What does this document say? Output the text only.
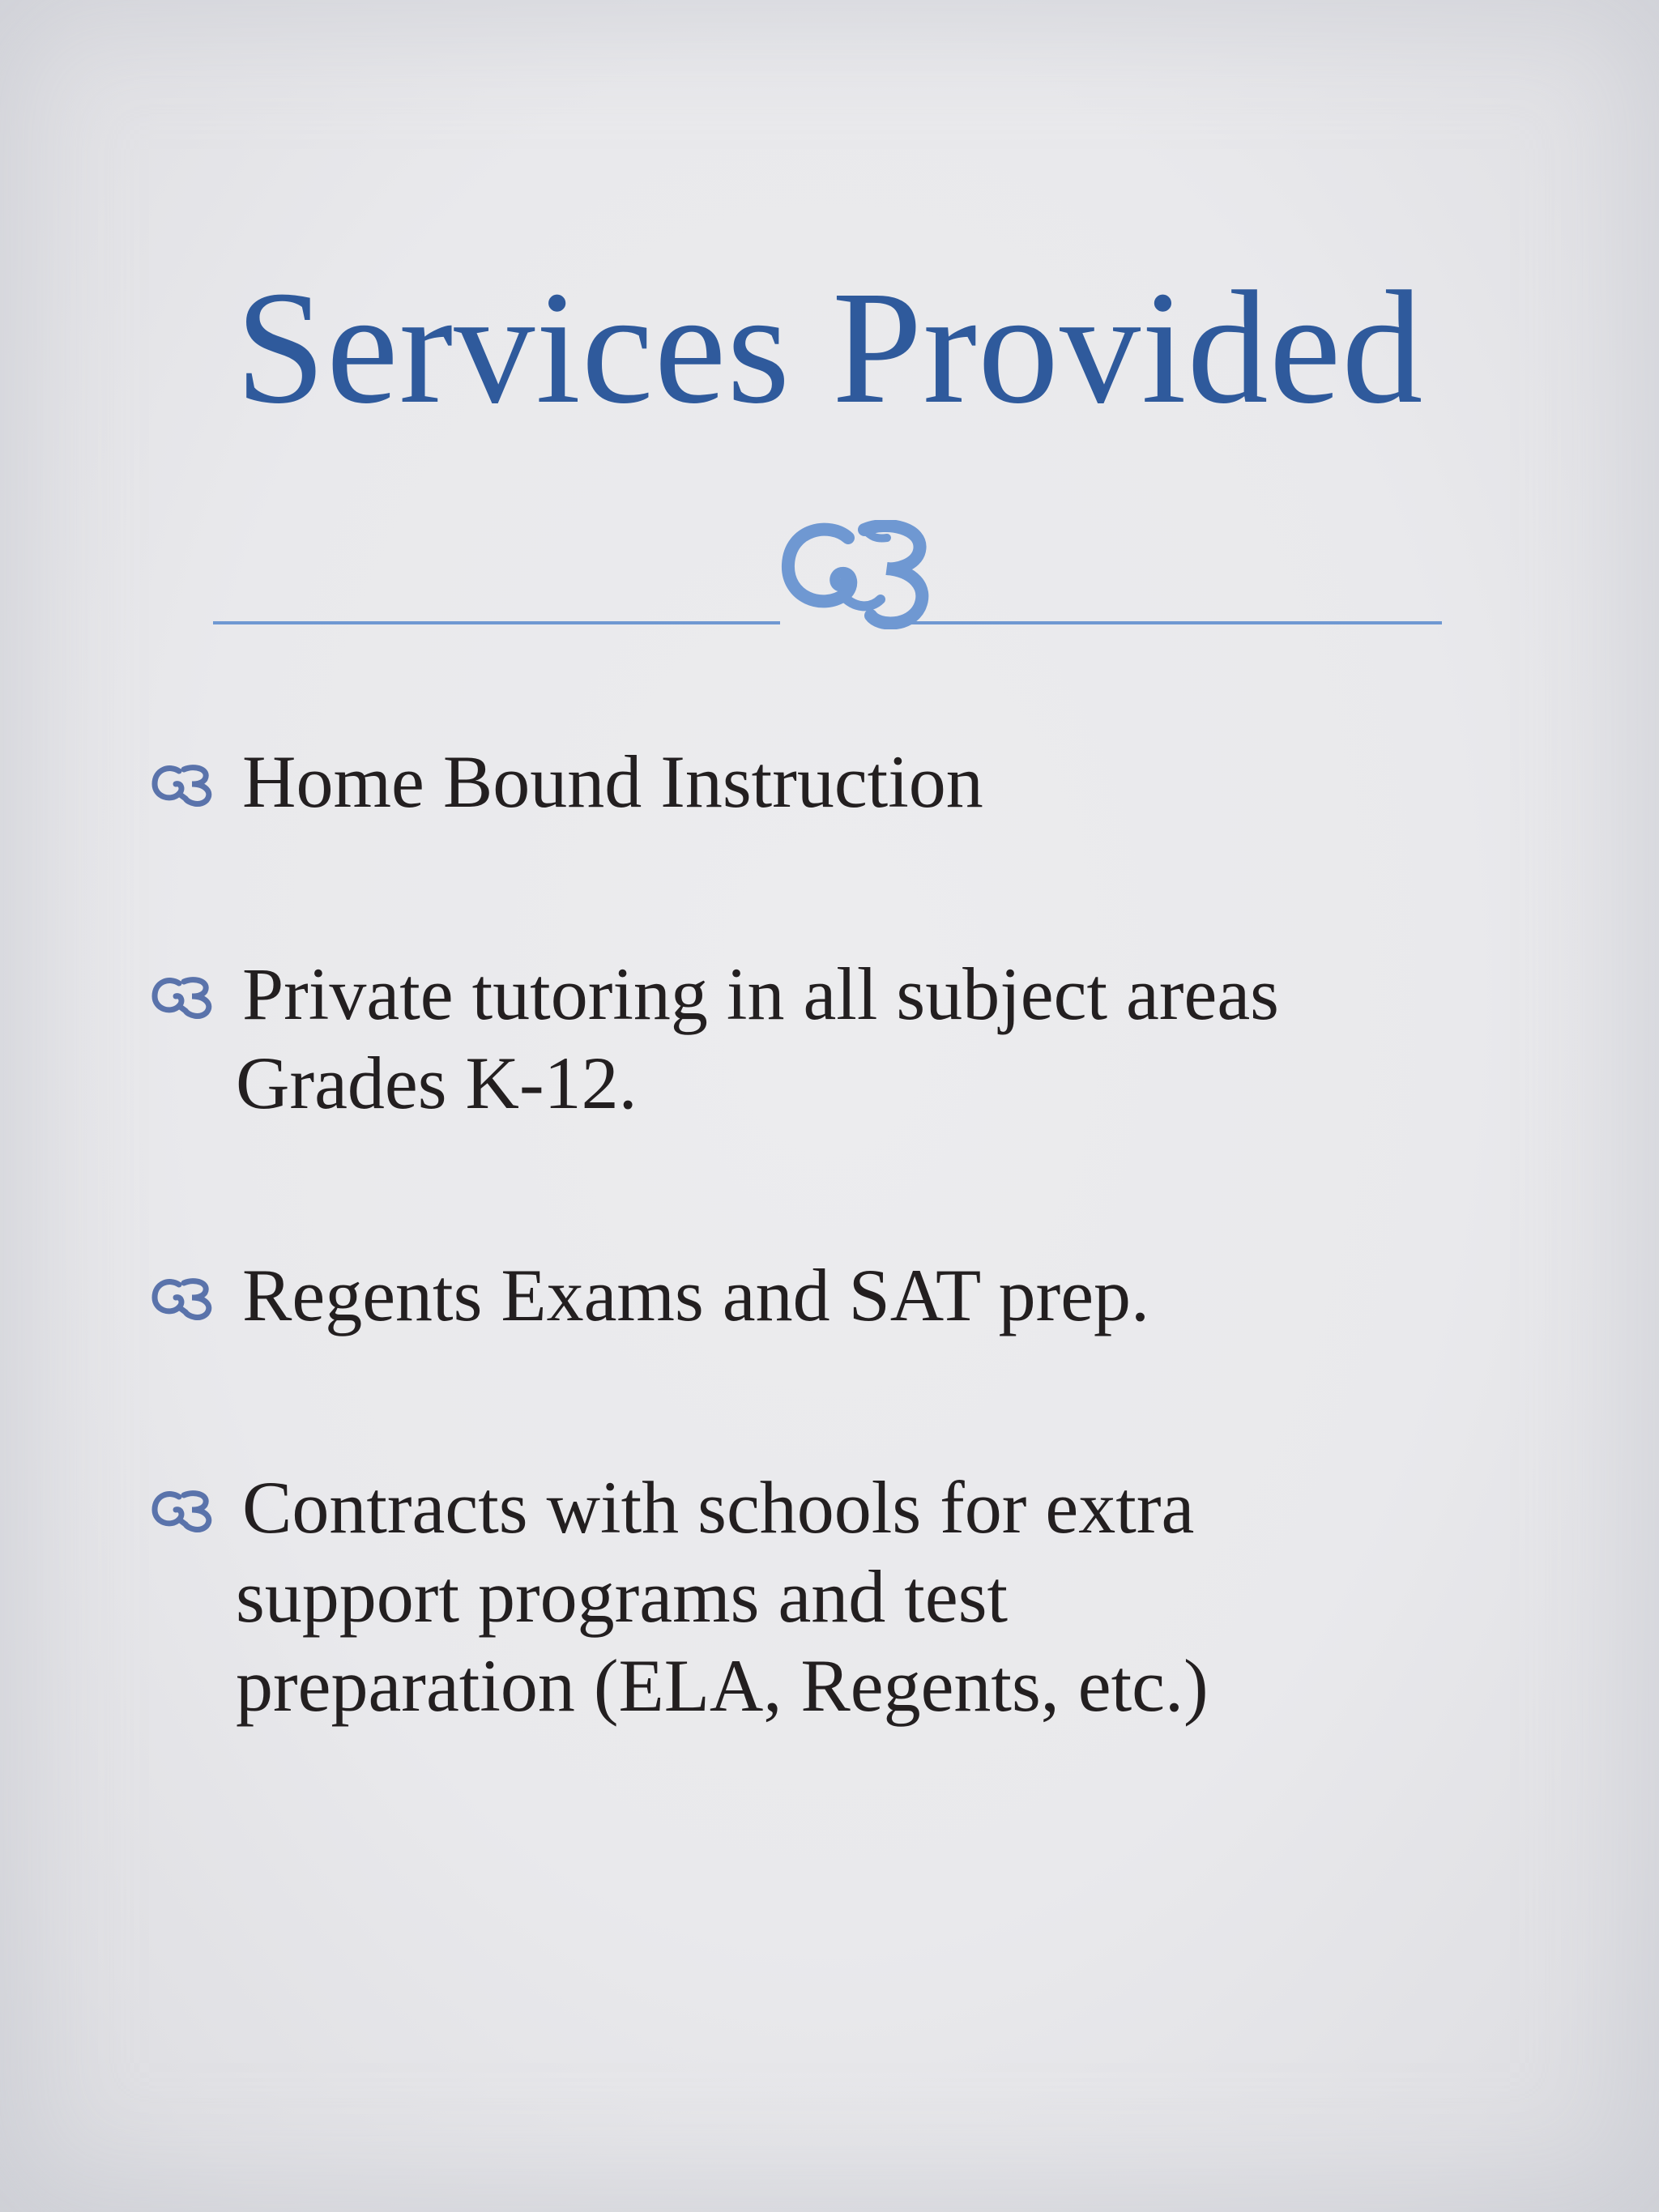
Services Provided
Home Bound Instruction
Private tutoring in all subject areas
Grades K-12.
Regents Exams and SAT prep.
Contracts with schools for extra
support programs and test
preparation (ELA, Regents, etc.)
